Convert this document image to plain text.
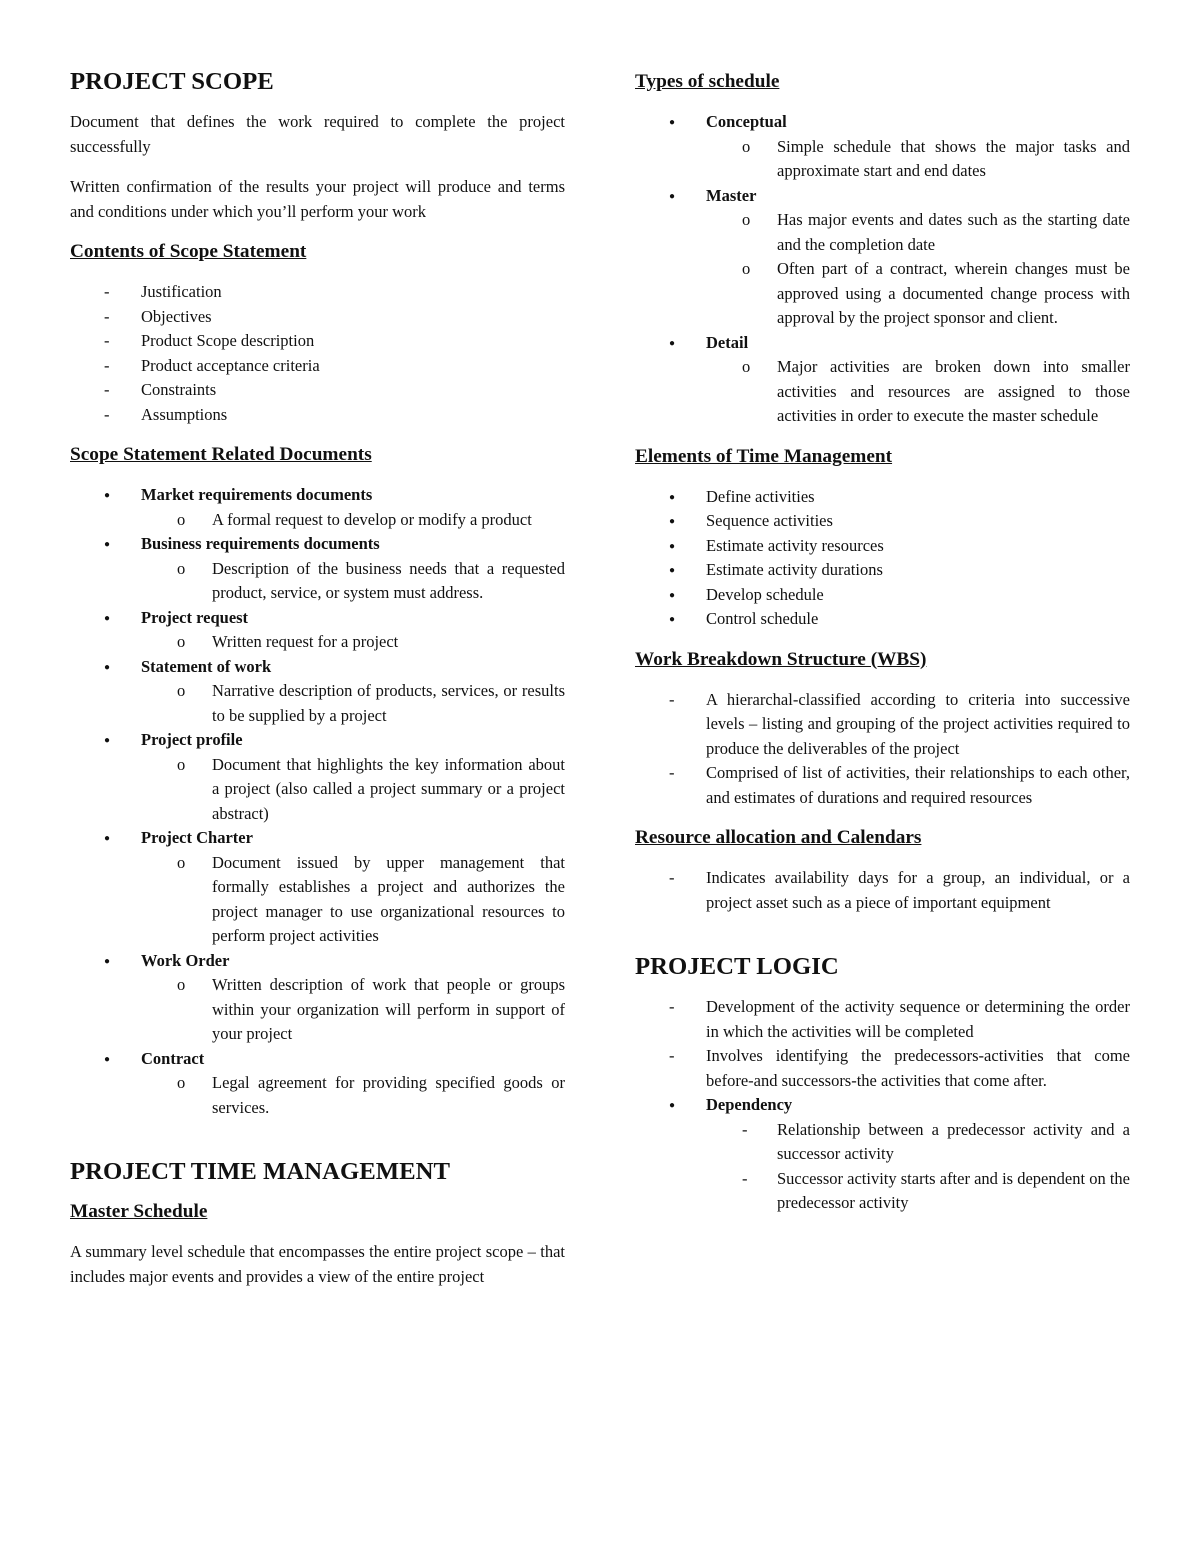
PROJECT SCOPE

Document that defines the work required to complete the project successfully

Written confirmation of the results your project will produce and terms and conditions under which you’ll perform your work

Contents of Scope Statement
- Justification
- Objectives
- Product Scope description
- Product acceptance criteria
- Constraints
- Assumptions
Scope Statement Related Documents
● Market requirements documents
o A formal request to develop or modify a product
● Business requirements documents
o Description of the business needs that a requested product, service, or system must address.
● Project request
o Written request for a project
● Statement of work
o Narrative description of products, services, or results to be supplied by a project
● Project profile
o Document that highlights the key information about a project (also called a project summary or a project abstract)
● Project Charter
o Document issued by upper management that formally establishes a project and authorizes the project manager to use organizational resources to perform project activities
● Work Order
o Written description of work that people or groups within your organization will perform in support of your project
● Contract
o Legal agreement for providing specified goods or services.
PROJECT TIME MANAGEMENT
Master Schedule

A summary level schedule that encompasses the entire project scope – that includes major events and provides a view of the entire project

Types of schedule
● Conceptual
o Simple schedule that shows the major tasks and approximate start and end dates
● Master
o Has major events and dates such as the starting date and the completion date
o Often part of a contract, wherein changes must be approved using a documented change process with approval by the project sponsor and client.
● Detail
o Major activities are broken down into smaller activities and resources are assigned to those activities in order to execute the master schedule
Elements of Time Management
● Define activities
● Sequence activities
● Estimate activity resources
● Estimate activity durations
● Develop schedule
● Control schedule
Work Breakdown Structure (WBS)
- A hierarchal-classified according to criteria into successive levels – listing and grouping of the project activities required to produce the deliverables of the project
- Comprised of list of activities, their relationships to each other, and estimates of durations and required resources
Resource allocation and Calendars
- Indicates availability days for a group, an individual, or a project asset such as a piece of important equipment
PROJECT LOGIC
- Development of the activity sequence or determining the order in which the activities will be completed
- Involves identifying the predecessors-activities that come before-and successors-the activities that come after.
● Dependency
- Relationship between a predecessor activity and a successor activity
- Successor activity starts after and is dependent on the predecessor activity
